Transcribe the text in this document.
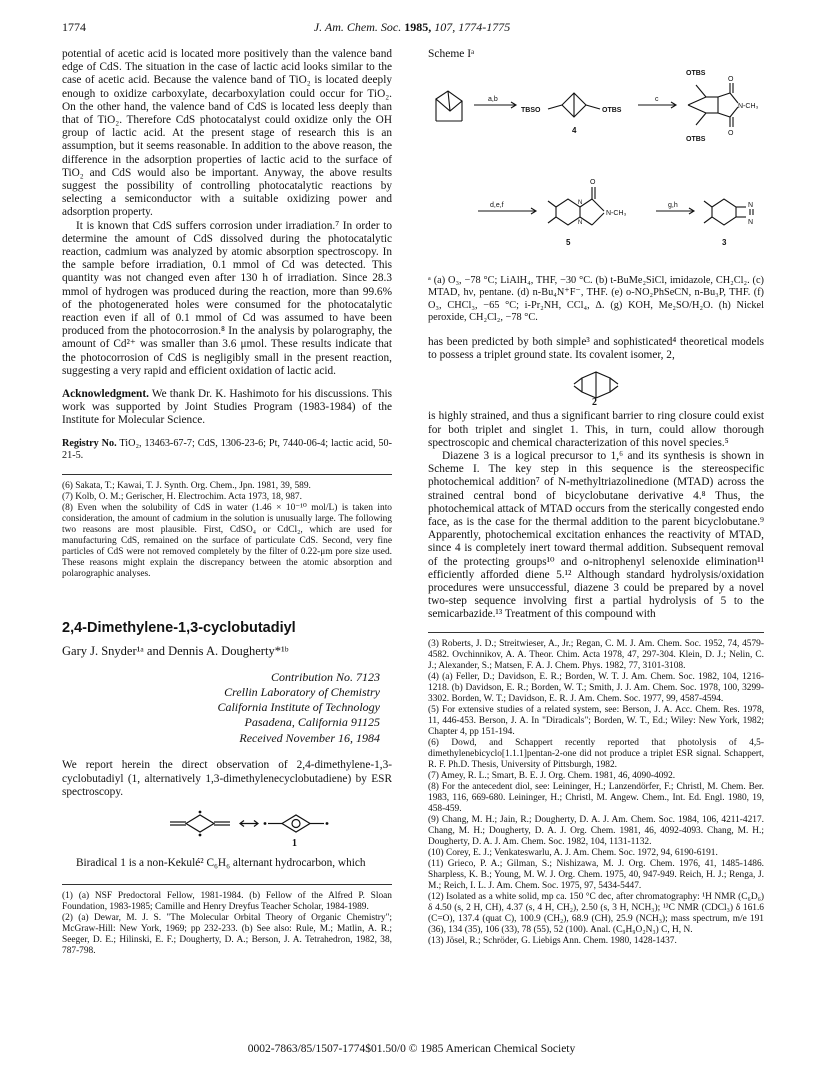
1774	J. Am. Chem. Soc. 1985, 107, 1774-1775

potential of acetic acid is located more positively than the valence band edge of CdS. The situation in the case of lactic acid looks similar to the case of acetic acid. Because the valence band of TiO₂ is located deeply enough to oxidize carboxylate, decarboxylation could occur for TiO₂. On the other hand, the valence band of CdS is located less deeply than that of TiO₂. Therefore CdS photocatalyst could oxidize only the OH group of lactic acid. At the present stage of research this is an assumption, but it seems reasonable. In addition to the above reason, the difference in the adsorption properties of lactic acid to the surface of TiO₂ and CdS would also be important. Anyway, the above results suggest the possibility of controlling photocatalytic reactions by selecting a semiconductor with a suitable oxidizing power and adsorption property.

It is known that CdS suffers corrosion under irradiation.⁷ In order to determine the amount of CdS dissolved during the photocatalytic reaction, cadmium was analyzed by atomic absorption spectroscopy. In the sample before irradiation, 0.1 mmol of Cd was detected. This quantity was not changed even after 130 h of irradiation. Since 28.3 mmol of hydrogen was produced during the reaction, more than 99.6% of the photogenerated holes were consumed for the photocatalytic reaction even if all of 0.1 mmol of Cd was assumed to have been produced from the photocorrosion.⁸ In the analysis by polarography, the amount of Cd²⁺ was smaller than 3.6 μmol. These results indicate that the photocorrosion of CdS is negligibly small in the present reaction, suggesting a very rapid and efficient oxidation of lactic acid.

Acknowledgment. We thank Dr. K. Hashimoto for his discussions. This work was supported by Joint Studies Program (1983-1984) of the Institute for Molecular Science.

Registry No. TiO₂, 13463-67-7; CdS, 1306-23-6; Pt, 7440-06-4; lactic acid, 50-21-5.

(6) Sakata, T.; Kawai, T. J. Synth. Org. Chem., Jpn. 1981, 39, 589.

(7) Kolb, O. M.; Gerischer, H. Electrochim. Acta 1973, 18, 987.

(8) Even when the solubility of CdS in water (1.46 × 10⁻¹⁰ mol/L) is taken into consideration, the amount of cadmium in the solution is unusually large. The following two reasons are most plausible. First, CdSO₄ or CdCl₂, which are used for manufacturing CdS, remained on the surface of particulate CdS. Second, very fine particles of CdS were not removed completely by the filter of 0.22-μm pore size used. These reasons might explain the discrepancy between the atomic absorption and polarographic analyses.

2,4-Dimethylene-1,3-cyclobutadiyl

Gary J. Snyder¹ᵃ and Dennis A. Dougherty*¹ᵇ

Contribution No. 7123
Crellin Laboratory of Chemistry
California Institute of Technology
Pasadena, California 91125

Received November 16, 1984

We report herein the direct observation of 2,4-dimethylene-1,3-cyclobutadiyl (1, alternatively 1,3-dimethylenecyclobutadiene) by ESR spectroscopy.

1

Biradical 1 is a non-Kekulé² C₆H₆ alternant hydrocarbon, which

(1) (a) NSF Predoctoral Fellow, 1981-1984. (b) Fellow of the Alfred P. Sloan Foundation, 1983-1985; Camille and Henry Dreyfus Teacher Scholar, 1984-1989.

(2) (a) Dewar, M. J. S. "The Molecular Orbital Theory of Organic Chemistry"; McGraw-Hill: New York, 1969; pp 232-233. (b) See also: Rule, M.; Matlin, A. R.; Seeger, D. E.; Hilinski, E. F.; Dougherty, D. A.; Berson, J. A. Tetrahedron, 1982, 38, 787-798.

Scheme Iᵃ

a,b
TBSO	OTBS
4
c
OTBS
OTBS
O
O
N-CH₃
d,e,f
O
N
N
N-CH₃
5
g,h	N
N
3

ᵃ (a) O₃, −78 °C; LiAlH₄, THF, −30 °C. (b) t-BuMe₂SiCl, imidazole, CH₂Cl₂. (c) MTAD, hν, pentane. (d) n-Bu₄N⁺F⁻, THF. (e) o-NO₂PhSeCN, n-Bu₃P, THF. (f) O₃, CHCl₃, −65 °C; i-Pr₂NH, CCl₄, Δ. (g) KOH, Me₂SO/H₂O. (h) Nickel peroxide, CH₂Cl₂, −78 °C.

has been predicted by both simple³ and sophisticated⁴ theoretical models to possess a triplet ground state. Its covalent isomer, 2,

2

is highly strained, and thus a significant barrier to ring closure could exist for both triplet and singlet 1. This, in turn, could allow thorough spectroscopic and chemical characterization of this novel species.⁵

Diazene 3 is a logical precursor to 1,⁶ and its synthesis is shown in Scheme I. The key step in this sequence is the stereospecific photochemical addition⁷ of N-methyltriazolinedione (MTAD) across the strained central bond of bicyclobutane derivative 4.⁸ Thus, the photochemical attack of MTAD occurs from the sterically congested endo face, as is the case for the thermal addition to the parent bicyclobutane.⁹ Apparently, photochemical excitation enhances the reactivity of MTAD, since 4 is completely inert toward thermal addition. Subsequent removal of the protecting groups¹⁰ and o-nitrophenyl selenoxide elimination¹¹ efficiently afforded diene 5.¹² Although standard hydrolysis/oxidation procedures were unsuccessful, diazene 3 could be prepared by a novel two-step sequence involving first a partial hydrolysis of 5 to the semicarbazide.¹³ Treatment of this compound with

(3) Roberts, J. D.; Streitwieser, A., Jr.; Regan, C. M. J. Am. Chem. Soc. 1952, 74, 4579-4582. Ovchinnikov, A. A. Theor. Chim. Acta 1978, 47, 297-304. Klein, D. J.; Nelin, C. J.; Alexander, S.; Matsen, F. A. J. Chem. Phys. 1982, 77, 3101-3108.

(4) (a) Feller, D.; Davidson, E. R.; Borden, W. T. J. Am. Chem. Soc. 1982, 104, 1216-1218. (b) Davidson, E. R.; Borden, W. T.; Smith, J. J. Am. Chem. Soc. 1978, 100, 3299-3302. Borden, W. T.; Davidson, E. R. J. Am. Chem. Soc. 1977, 99, 4587-4594.

(5) For extensive studies of a related system, see: Berson, J. A. Acc. Chem. Res. 1978, 11, 446-453. Berson, J. A. In "Diradicals"; Borden, W. T., Ed.; Wiley: New York, 1982; Chapter 4, pp 151-194.

(6) Dowd, and Schappert recently reported that photolysis of 4,5-dimethylenebicyclo[1.1.1]pentan-2-one did not produce a triplet ESR signal. Schappert, R. F. Ph.D. Thesis, University of Pittsburgh, 1982.

(7) Amey, R. L.; Smart, B. E. J. Org. Chem. 1981, 46, 4090-4092.

(8) For the antecedent diol, see: Leininger, H.; Lanzendörfer, F.; Christl, M. Chem. Ber. 1983, 116, 669-680. Leininger, H.; Christl, M. Angew. Chem., Int. Ed. Engl. 1980, 19, 458-459.

(9) Chang, M. H.; Jain, R.; Dougherty, D. A. J. Am. Chem. Soc. 1984, 106, 4211-4217. Chang, M. H.; Dougherty, D. A. J. Org. Chem. 1981, 46, 4092-4093. Chang, M. H.; Dougherty, D. A. J. Am. Chem. Soc. 1982, 104, 1131-1132.

(10) Corey, E. J.; Venkateswarlu, A. J. Am. Chem. Soc. 1972, 94, 6190-6191.

(11) Grieco, P. A.; Gilman, S.; Nishizawa, M. J. Org. Chem. 1976, 41, 1485-1486. Sharpless, K. B.; Young, M. W. J. Org. Chem. 1975, 40, 947-949. Reich, H. J.; Renga, J. M.; Reich, I. L. J. Am. Chem. Soc. 1975, 97, 5434-5447.

(12) Isolated as a white solid, mp ca. 150 °C dec, after chromatography: ¹H NMR (C₆D₆) δ 4.50 (s, 2 H, CH), 4.37 (s, 4 H, CH₂), 2.50 (s, 3 H, NCH₃); ¹³C NMR (CDCl₃) δ 161.6 (C=O), 137.4 (quat C), 100.9 (CH₂), 68.9 (CH), 25.9 (NCH₃); mass spectrum, m/e 191 (36), 134 (35), 106 (33), 78 (55), 52 (100). Anal. (C₉H₉O₂N₃) C, H, N.

(13) Jösel, R.; Schröder, G. Liebigs Ann. Chem. 1980, 1428-1437.

0002-7863/85/1507-1774$01.50/0 © 1985 American Chemical Society
